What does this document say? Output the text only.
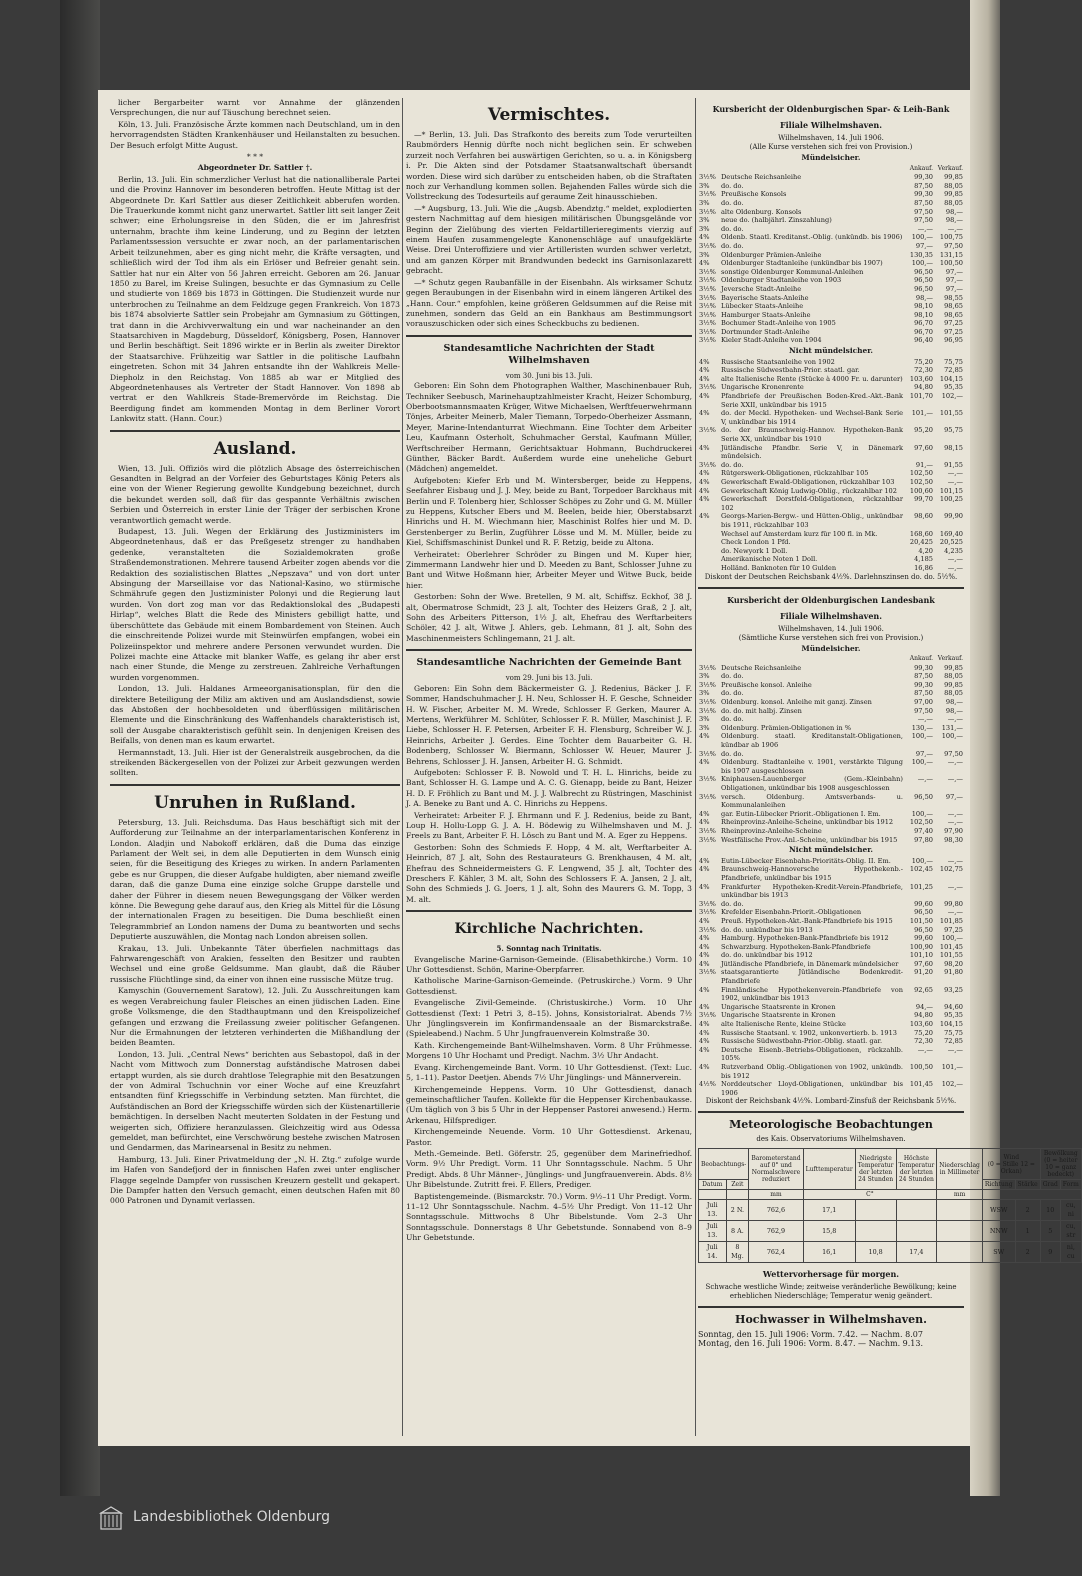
licher Bergarbeiter warnt vor Annahme der glänzenden Versprechungen, die nur auf Täuschung berechnet seien.

Köln, 13. Juli. Französische Ärzte kommen nach Deutschland, um in den hervorragendsten Städten Krankenhäuser und Heilanstalten zu besuchen. Der Besuch erfolgt Mitte August.

* * *

Abgeordneter Dr. Sattler †.

Berlin, 13. Juli. Ein schmerzlicher Verlust hat die nationalliberale Partei und die Provinz Hannover im besonderen betroffen. Heute Mittag ist der Abgeordnete Dr. Karl Sattler aus dieser Zeitlichkeit abberufen worden. Die Trauerkunde kommt nicht ganz unerwartet. Sattler litt seit langer Zeit schwer; eine Erholungsreise in den Süden, die er im Jahresfrist unternahm, brachte ihm keine Linderung, und zu Beginn der letzten Parlamentssession versuchte er zwar noch, an der parlamentarischen Arbeit teilzunehmen, aber es ging nicht mehr, die Kräfte versagten, und schließlich wird der Tod ihm als ein Erlöser und Befreier genaht sein. Sattler hat nur ein Alter von 56 Jahren erreicht. Geboren am 26. Januar 1850 zu Barel, im Kreise Sulingen, besuchte er das Gymnasium zu Celle und studierte von 1869 bis 1873 in Göttingen. Die Studienzeit wurde nur unterbrochen zu Teilnahme an dem Feldzuge gegen Frankreich. Von 1873 bis 1874 absolvierte Sattler sein Probejahr am Gymnasium zu Göttingen, trat dann in die Archivverwaltung ein und war nacheinander an den Staatsarchiven in Magdeburg, Düsseldorf, Königsberg, Posen, Hannover und Berlin beschäftigt. Seit 1896 wirkte er in Berlin als zweiter Direktor der Staatsarchive. Frühzeitig war Sattler in die politische Laufbahn eingetreten. Schon mit 34 Jahren entsandte ihn der Wahlkreis Melle-Diepholz in den Reichstag. Von 1885 ab war er Mitglied des Abgeordnetenhauses als Vertreter der Stadt Hannover. Von 1898 ab vertrat er den Wahlkreis Stade-Bremervörde im Reichstag. Die Beerdigung findet am kommenden Montag in dem Berliner Vorort Lankwitz statt. (Hann. Cour.)

Ausland.

Wien, 13. Juli. Offiziös wird die plötzlich Absage des österreichischen Gesandten in Belgrad an der Vorfeier des Geburtstages König Peters als eine von der Wiener Regierung gewollte Kundgebung bezeichnet, durch die bekundet werden soll, daß für das gespannte Verhältnis zwischen Serbien und Österreich in erster Linie der Träger der serbischen Krone verantwortlich gemacht werde.

Budapest, 13. Juli. Wegen der Erklärung des Justizministers im Abgeordnetenhaus, daß er das Preßgesetz strenger zu handhaben gedenke, veranstalteten die Sozialdemokraten große Straßendemonstrationen. Mehrere tausend Arbeiter zogen abends vor die Redaktion des sozialistischen Blattes „Nepszava“ und von dort unter Absingung der Marseillaise vor das National-Kasino, wo stürmische Schmährufe gegen den Justizminister Polonyi und die Regierung laut wurden. Von dort zog man vor das Redaktionslokal des „Budapesti Hirlap“, welches Blatt die Rede des Ministers gebilligt hatte, und überschüttete das Gebäude mit einem Bombardement von Steinen. Auch die einschreitende Polizei wurde mit Steinwürfen empfangen, wobei ein Polizeiinspektor und mehrere andere Personen verwundet wurden. Die Polizei machte eine Attacke mit blanker Waffe, es gelang ihr aber erst nach einer Stunde, die Menge zu zerstreuen. Zahlreiche Verhaftungen wurden vorgenommen.

London, 13. Juli. Haldanes Armeeorganisationsplan, für den die direktere Beteiligung der Miliz am aktiven und am Auslandsdienst, sowie das Abstoßen der hochbesoldeten und überflüssigen militärischen Elemente und die Einschränkung des Waffenhandels charakteristisch ist, soll der Ausgabe charakteristisch gefühlt sein. In denjenigen Kreisen des Beifalls, von denen man es kaum erwartet.

Hermannstadt, 13. Juli. Hier ist der Generalstreik ausgebrochen, da die streikenden Bäckergesellen von der Polizei zur Arbeit gezwungen werden sollten.

Unruhen in Rußland.

Petersburg, 13. Juli. Reichsduma. Das Haus beschäftigt sich mit der Aufforderung zur Teilnahme an der interparlamentarischen Konferenz in London. Aladjin und Nabokoff erklären, daß die Duma das einzige Parlament der Welt sei, in dem alle Deputierten in dem Wunsch einig seien, für die Beseitigung des Krieges zu wirken. In andern Parlamenten gebe es nur Gruppen, die dieser Aufgabe huldigten, aber niemand zweifle daran, daß die ganze Duma eine einzige solche Gruppe darstelle und daher der Führer in diesem neuen Bewegungsgang der Völker werden könne. Die Bewegung gehe darauf aus, den Krieg als Mittel für die Lösung der internationalen Fragen zu beseitigen. Die Duma beschließt einen Telegrammbrief an London namens der Duma zu beantworten und sechs Deputierte auszuwählen, die Montag nach London abreisen sollen.

Krakau, 13. Juli. Unbekannte Täter überfielen nachmittags das Fahrwarengeschäft von Arakien, fesselten den Besitzer und raubten Wechsel und eine große Geldsumme. Man glaubt, daß die Räuber russische Flüchtlinge sind, da einer von ihnen eine russische Mütze trug.

Kamyschin (Gouvernement Saratow), 12. Juli. Zu Ausschreitungen kam es wegen Verabreichung fauler Fleisches an einen jüdischen Laden. Eine große Volksmenge, die den Stadthauptmann und den Kreispolizeichef gefangen und erzwang die Freilassung zweier politischer Gefangenen. Nur die Ermahnungen der letzteren verhinderten die Mißhandlung der beiden Beamten.

London, 13. Juli. „Central News“ berichten aus Sebastopol, daß in der Nacht vom Mittwoch zum Donnerstag aufständische Matrosen dabei ertappt wurden, als sie durch drahtlose Telegraphie mit den Besatzungen der von Admiral Tschuchnin vor einer Woche auf eine Kreuzfahrt entsandten fünf Kriegsschiffe in Verbindung setzten. Man fürchtet, die Aufständischen an Bord der Kriegsschiffe würden sich der Küstenartillerie bemächtigen. In derselben Nacht meuterten Soldaten in der Festung und weigerten sich, Offiziere heranzulassen. Gleichzeitig wird aus Odessa gemeldet, man befürchtet, eine Verschwörung bestehe zwischen Matrosen und Gendarmen, das Marinearsenal in Besitz zu nehmen.

Hamburg, 13. Juli. Einer Privatmeldung der „N. H. Ztg.“ zufolge wurde im Hafen von Sandefjord der in finnischen Hafen zwei unter englischer Flagge segelnde Dampfer von russischen Kreuzern gestellt und gekapert. Die Dampfer hatten den Versuch gemacht, einen deutschen Hafen mit 80 000 Patronen und Dynamit verlassen.

Vermischtes.

—* Berlin, 13. Juli. Das Strafkonto des bereits zum Tode verurteilten Raubmörders Hennig dürfte noch nicht beglichen sein. Er schweben zurzeit noch Verfahren bei auswärtigen Gerichten, so u. a. in Königsberg i. Pr. Die Akten sind der Potsdamer Staatsanwaltschaft übersandt worden. Diese wird sich darüber zu entscheiden haben, ob die Straftaten noch zur Verhandlung kommen sollen. Bejahenden Falles würde sich die Vollstreckung des Todesurteils auf geraume Zeit hinausschieben.

—* Augsburg, 13. Juli. Wie die „Augsb. Abendztg.“ meldet, explodierten gestern Nachmittag auf dem hiesigen militärischen Übungsgelände vor Beginn der Zielübung des vierten Feldartillerieregiments vierzig auf einem Haufen zusammengelegte Kanonenschläge auf unaufgeklärte Weise. Drei Unteroffiziere und vier Artilleristen wurden schwer verletzt, und am ganzen Körper mit Brandwunden bedeckt ins Garnisonlazarett gebracht.

—* Schutz gegen Raubanfälle in der Eisenbahn. Als wirksamer Schutz gegen Beraubungen in der Eisenbahn wird in einem längeren Artikel des „Hann. Cour.“ empfohlen, keine größeren Geldsummen auf die Reise mit zunehmen, sondern das Geld an ein Bankhaus am Bestimmungsort vorauszuschicken oder sich eines Scheckbuchs zu bedienen.

Standesamtliche Nachrichten der Stadt Wilhelmshaven
vom 30. Juni bis 13. Juli.

Geboren: Ein Sohn dem Photographen Walther, Maschinenbauer Ruh, Techniker Seebusch, Marinehauptzahlmeister Kracht, Heizer Schomburg, Oberbootsmannsmaaten Krüger, Witwe Michaelsen, Werftfeuerwehrmann Tönjes, Arbeiter Meinerb, Maler Tiemann, Torpedo-Oberheizer Assmann, Meyer, Marine-Intendanturrat Wiechmann. Eine Tochter dem Arbeiter Leu, Kaufmann Osterholt, Schuhmacher Gerstal, Kaufmann Müller, Werftschreiber Hermann, Gerichtsaktuar Hohmann, Buchdruckerei Günther, Bäcker Bardt. Außerdem wurde eine uneheliche Geburt (Mädchen) angemeldet.

Aufgeboten: Kiefer Erb und M. Wintersberger, beide zu Heppens, Seefahrer Eisbaug und J. J. Mey, beide zu Bant, Torpedoer Barckhaus mit Berlin und F. Tolenberg hier, Schlosser Schöpes zu Zohr und G. M. Müller zu Heppens, Kutscher Ebers und M. Beelen, beide hier, Oberstabsarzt Hinrichs und H. M. Wiechmann hier, Maschinist Rolfes hier und M. D. Gerstenberger zu Berlin, Zugführer Lösse und M. M. Müller, beide zu Kiel, Schiffsmaschinist Dunkel und R. F. Retzig, beide zu Altona.

Verheiratet: Oberlehrer Schröder zu Bingen und M. Kuper hier, Zimmermann Landwehr hier und D. Meeden zu Bant, Schlosser Juhne zu Bant und Witwe Hoßmann hier, Arbeiter Meyer und Witwe Buck, beide hier.

Gestorben: Sohn der Wwe. Bretellen, 9 M. alt, Schiffsz. Eckhof, 38 J. alt, Obermatrose Schmidt, 23 J. alt, Tochter des Heizers Graß, 2 J. alt, Sohn des Arbeiters Pitterson, 1½ J. alt, Ehefrau des Werftarbeiters Schöler, 42 J. alt, Witwe J. Ahlers, geb. Lehmann, 81 J. alt, Sohn des Maschinenmeisters Schlingemann, 21 J. alt.

Standesamtliche Nachrichten der Gemeinde Bant
vom 29. Juni bis 13. Juli.

Geboren: Ein Sohn dem Bäckermeister G. J. Redenius, Bäcker J. F. Sommer, Handschuhmacher J. H. Neu, Schlosser H. F. Gesche, Schneider H. W. Fischer, Arbeiter M. M. Wrede, Schlosser F. Gerken, Maurer A. Mertens, Werkführer M. Schlüter, Schlosser F. R. Müller, Maschinist J. F. Liebe, Schlosser H. F. Petersen, Arbeiter F. H. Flensburg, Schreiber W. J. Heinrichs, Arbeiter J. Gerdes. Eine Tochter dem Bauarbeiter G. H. Bodenberg, Schlosser W. Biermann, Schlosser W. Heuer, Maurer J. Behrens, Schlosser J. H. Jansen, Arbeiter H. G. Schmidt.

Aufgeboten: Schlosser F. B. Nowold und T. H. L. Hinrichs, beide zu Bant, Schlosser H. G. Lampe und A. C. G. Gienapp, beide zu Bant, Heizer H. D. F. Fröhlich zu Bant und M. J. J. Walbrecht zu Rüstringen, Maschinist J. A. Beneke zu Bant und A. C. Hinrichs zu Heppens.

Verheiratet: Arbeiter F. J. Ehrmann und F. J. Redenius, beide zu Bant, Loup H. Hollu-Lopp G. J. A. H. Bödewig zu Wilhelmshaven und M. J. Freels zu Bant, Arbeiter F. H. Lösch zu Bant und M. A. Eger zu Heppens.

Gestorben: Sohn des Schmieds F. Hopp, 4 M. alt, Werftarbeiter A. Heinrich, 87 J. alt, Sohn des Restaurateurs G. Brenkhausen, 4 M. alt, Ehefrau des Schneidermeisters G. F. Lengwend, 35 J. alt, Tochter des Dreschers F. Kähler, 3 M. alt, Sohn des Schlossers F. A. Jansen, 2 J. alt, Sohn des Schmieds J. G. Joers, 1 J. alt, Sohn des Maurers G. M. Topp, 3 M. alt.

Kirchliche Nachrichten.
5. Sonntag nach Trinitatis.

Evangelische Marine-Garnison-Gemeinde. (Elisabethkirche.) Vorm. 10 Uhr Gottesdienst. Schön, Marine-Oberpfarrer.

Katholische Marine-Garnison-Gemeinde. (Petruskirche.) Vorm. 9 Uhr Gottesdienst.

Evangelische Zivil-Gemeinde. (Christuskirche.) Vorm. 10 Uhr Gottesdienst (Text: 1 Petri 3, 8–15). Johns, Konsistorialrat. Abends 7½ Uhr Jünglingsverein im Konfirmandensaale an der Bismarckstraße. (Spieleabend.) Nachm. 5 Uhr Jungfrauenverein Kolmstraße 30.

Kath. Kirchengemeinde Bant-Wilhelmshaven. Vorm. 8 Uhr Frühmesse. Morgens 10 Uhr Hochamt und Predigt. Nachm. 3½ Uhr Andacht.

Evang. Kirchengemeinde Bant. Vorm. 10 Uhr Gottesdienst. (Text: Luc. 5, 1–11). Pastor Deetjen. Abends 7½ Uhr Jünglings- und Männerverein.

Kirchengemeinde Heppens. Vorm. 10 Uhr Gottesdienst, danach gemeinschaftlicher Taufen. Kollekte für die Heppenser Kirchenbaukasse. (Um täglich von 3 bis 5 Uhr in der Heppenser Pastorei anwesend.) Herm. Arkenau, Hilfsprediger.

Kirchengemeinde Neuende. Vorm. 10 Uhr Gottesdienst. Arkenau, Pastor.

Meth.-Gemeinde. Betl. Göferstr. 25, gegenüber dem Marinefriedhof. Vorm. 9½ Uhr Predigt. Vorm. 11 Uhr Sonntagsschule. Nachm. 5 Uhr Predigt. Abds. 8 Uhr Männer-, Jünglings- und Jungfrauenverein. Abds. 8½ Uhr Bibelstunde. Zutritt frei. F. Ellers, Prediger.

Baptistengemeinde. (Bismarckstr. 70.) Vorm. 9½–11 Uhr Predigt. Vorm. 11–12 Uhr Sonntagsschule. Nachm. 4–5½ Uhr Predigt. Von 11–12 Uhr Sonntagsschule. Mittwochs 8 Uhr Bibelstunde. Vom 2–3 Uhr Sonntagsschule. Donnerstags 8 Uhr Gebetstunde. Sonnabend von 8–9 Uhr Gebetstunde.

Kursbericht der Oldenburgischen Spar- & Leih-Bank
Filiale Wilhelmshaven.
Wilhelmshaven, 14. Juli 1906.
(Alle Kurse verstehen sich frei von Provision.)
Mündelsicher.			
		Ankauf.	Verkauf.
3½%	Deutsche Reichsanleihe	99,30	99,85
3%	do. do.	87,50	88,05
3½%	Preußische Konsols	99,30	99,85
3%	do. do.	87,50	88,05
3½%	alte Oldenburg. Konsols	97,50	98,—
3%	neue do. (halbjährl. Zinszahlung)	97,50	98,—
3%	do. do.	—,—	—,—
4%	Oldenb. Staatl. Kreditanst.-Oblig. (unkündb. bis 1906)	100,—	100,75
3½%	do. do.	97,—	97,50
3%	Oldenburger Prämien-Anleihe	130,35	131,15
4%	Oldenburger Stadtanleihe (unkündbar bis 1907)	100,—	100,50
3½%	sonstige Oldenburger Kommunal-Anleihen	96,50	97,—
3½%	Oldenburger Stadtanleihe von 1903	96,50	97,—
3½%	Jeversche Stadt-Anleihe	96,50	97,—
3½%	Bayerische Staats-Anleihe	98,—	98,55
3½%	Lübecker Staats-Anleihe	98,10	98,65
3½%	Hamburger Staats-Anleihe	98,10	98,65
3½%	Bochumer Stadt-Anleihe von 1905	96,70	97,25
3½%	Dortmunder Stadt-Anleihe	96,70	97,25
3½%	Kieler Stadt-Anleihe von 1904	96,40	96,95
Nicht mündelsicher.			
4%	Russische Staatsanleihe von 1902	75,20	75,75
4%	Russische Südwestbahn-Prior. staatl. gar.	72,30	72,85
4%	alte Italienische Rente (Stücke à 4000 Fr. u. darunter)	103,60	104,15
3½%	Ungarische Kronenrente	94,80	95,35
4%	Pfandbriefe der Preußischen Boden-Kred.-Akt.-Bank Serie XXII, unkündbar bis 1915	101,70	102,—
4%	do. der Meckl. Hypotheken- und Wechsel-Bank Serie V, unkündbar bis 1914	101,—	101,55
3½%	do. der Braunschweig-Hannov. Hypotheken-Bank Serie XX, unkündbar bis 1910	95,20	95,75
4%	Jütländische Pfandbr. Serie V, in Dänemark mündelsich.	97,60	98,15
3½%	do. do.	91,—	91,55
4%	Rütgerswerk-Obligationen, rückzahlbar 105	102,50	—,—
4%	Gewerkschaft Ewald-Obligationen, rückzahlbar 103	102,50	—,—
4%	Gewerkschaft König Ludwig-Oblig., rückzahlbar 102	100,60	101,15
4%	Gewerkschaft Dorstfeld-Obligationen, rückzahlbar 102	99,70	100,25
4%	Georgs-Marien-Bergw.- und Hütten-Oblig., unkündbar bis 1911, rückzahlbar 103	98,60	99,90
	Wechsel auf Amsterdam kurz für 100 fl. in Mk.	168,60	169,40
	Check London 1 Pfd.	20,425	20,525
	do. Newyork 1 Doll.	4,20	4,235
	Amerikanische Noten 1 Doll.	4,185	—,—
	Holländ. Banknoten für 10 Gulden	16,86	—,—
Diskont der Deutschen Reichsbank 4½%. Darlehnszinsen do. do. 5½%.
Kursbericht der Oldenburgischen Landesbank
Filiale Wilhelmshaven.
Wilhelmshaven, 14. Juli 1906.
(Sämtliche Kurse verstehen sich frei von Provision.)
Mündelsicher.			
		Ankauf.	Verkauf.
3½%	Deutsche Reichsanleihe	99,30	99,85
3%	do. do.	87,50	88,05
3½%	Preußische konsol. Anleihe	99,30	99,85
3%	do. do.	87,50	88,05
3½%	Oldenburg. konsol. Anleihe mit ganzj. Zinsen	97,00	98,—
3½%	do. do. mit halbj. Zinsen	97,50	98,—
3%	do. do.	—,—	—,—
3%	Oldenburg. Prämien-Obligationen in %	130,—	131,—
4%	Oldenburg. staatl. Kreditanstalt-Obligationen, kündbar ab 1906	100,—	100,—
3½%	do. do.	97,—	97,50
4%	Oldenburg. Stadtanleihe v. 1901, verstärkte Tilgung bis 1907 ausgeschlossen	100,—	—,—
3½%	Kniphausen-Lauenberger (Gem.-Kleinbahn) Obligationen, unkündbar bis 1908 ausgeschlossen	—,—	—,—
3½%	versch. Oldenburg. Amtsverbands- u. Kommunalanleihen	96,50	97,—
4%	gar. Eutin-Lübecker Priorit.-Obligationen I. Em.	100,—	—,—
4%	Rheinprovinz-Anleihe-Scheine, unkündbar bis 1912	102,50	—,—
3½%	Rheinprovinz-Anleihe-Scheine	97,40	97,90
3½%	Westfälische Prov.-Anl.-Scheine, unkündbar bis 1915	97,80	98,30
Nicht mündelsicher.			
4%	Eutin-Lübecker Eisenbahn-Prioritäts-Oblig. II. Em.	100,—	—,—
4%	Braunschweig-Hannoversche Hypothekenb.-Pfandbriefe, unkündbar bis 1915	102,45	102,75
4%	Frankfurter Hypotheken-Kredit-Verein-Pfandbriefe, unkündbar bis 1913	101,25	—,—
3½%	do. do.	99,60	99,80
3½%	Krefelder Eisenbahn-Priorit.-Obligationen	96,50	—,—
4%	Preuß. Hypotheken-Akt.-Bank-Pfandbriefe bis 1915	101,50	101,85
3½%	do. do. unkündbar bis 1913	96,50	97,25
4%	Hamburg. Hypotheken-Bank-Pfandbriefe bis 1912	99,60	100,—
4%	Schwarzburg. Hypotheken-Bank-Pfandbriefe	100,90	101,45
4%	do. do. unkündbar bis 1912	101,10	101,55
4%	Jütländische Pfandbriefe, in Dänemark mündelsicher	97,60	98,20
3½%	staatsgarantierte Jütländische Bodenkredit-Pfandbriefe	91,20	91,80
4%	Finnländische Hypothekenverein-Pfandbriefe von 1902, unkündbar bis 1913	92,65	93,25
4%	Ungarische Staatsrente in Kronen	94,—	94,60
3½%	Ungarische Staatsrente in Kronen	94,80	95,35
4%	alte Italienische Rente, kleine Stücke	103,60	104,15
4%	Russische Staatsanl. v. 1902, unkonvertierb. b. 1913	75,20	75,75
4%	Russische Südwestbahn-Prior.-Oblig. staatl. gar.	72,30	72,85
4%	Deutsche Eisenb.-Betriebs-Obligationen, rückzahlb. 105%	—,—	—,—
4%	Rutzverband Oblig.-Obligationen von 1902, unkündb. bis 1912	100,50	101,—
4½%	Norddeutscher Lloyd-Obligationen, unkündbar bis 1906	101,45	102,—
Diskont der Reichsbank 4½%. Lombard-Zinsfuß der Reichsbank 5½%.
Meteorologische Beobachtungen
des Kais. Observatoriums Wilhelmshaven.
Beobachtungs-		Barometerstand auf 0° und Normalschwere reduziert	Lufttemperatur	Niedrigste Temperatur der letzten 24 Stunden	Höchste Temperatur der letzten 24 Stunden	Niederschlag in Millimeter	Wind
(0 = Stille 12 = Orkan)		Bewölkung
(0 = heiter 10 = ganz bedeckt)	
Datum	Zeit						Richtung	Stärke	Grad	Form
		mm	C°			mm				
Juli 13.	2 N.	762,6	17,1				WSW	2	10	cu, ni
Juli 13.	8 A.	762,9	15,8				NNW	1	5	cu, str
Juli 14.	8 Mg.	762,4	16,1	10,8	17,4		SW	2	9	ni, cu
Wettervorhersage für morgen.
Schwache westliche Winde; zeitweise veränderliche Bewölkung; keine erheblichen Niederschläge; Temperatur wenig geändert.
Hochwasser in Wilhelmshaven.
Sonntag, den 15. Juli 1906: Vorm. 7.42. — Nachm. 8.07
Montag, den 16. Juli 1906: Vorm. 8.47. — Nachm. 9.13.
Landesbibliothek Oldenburg
